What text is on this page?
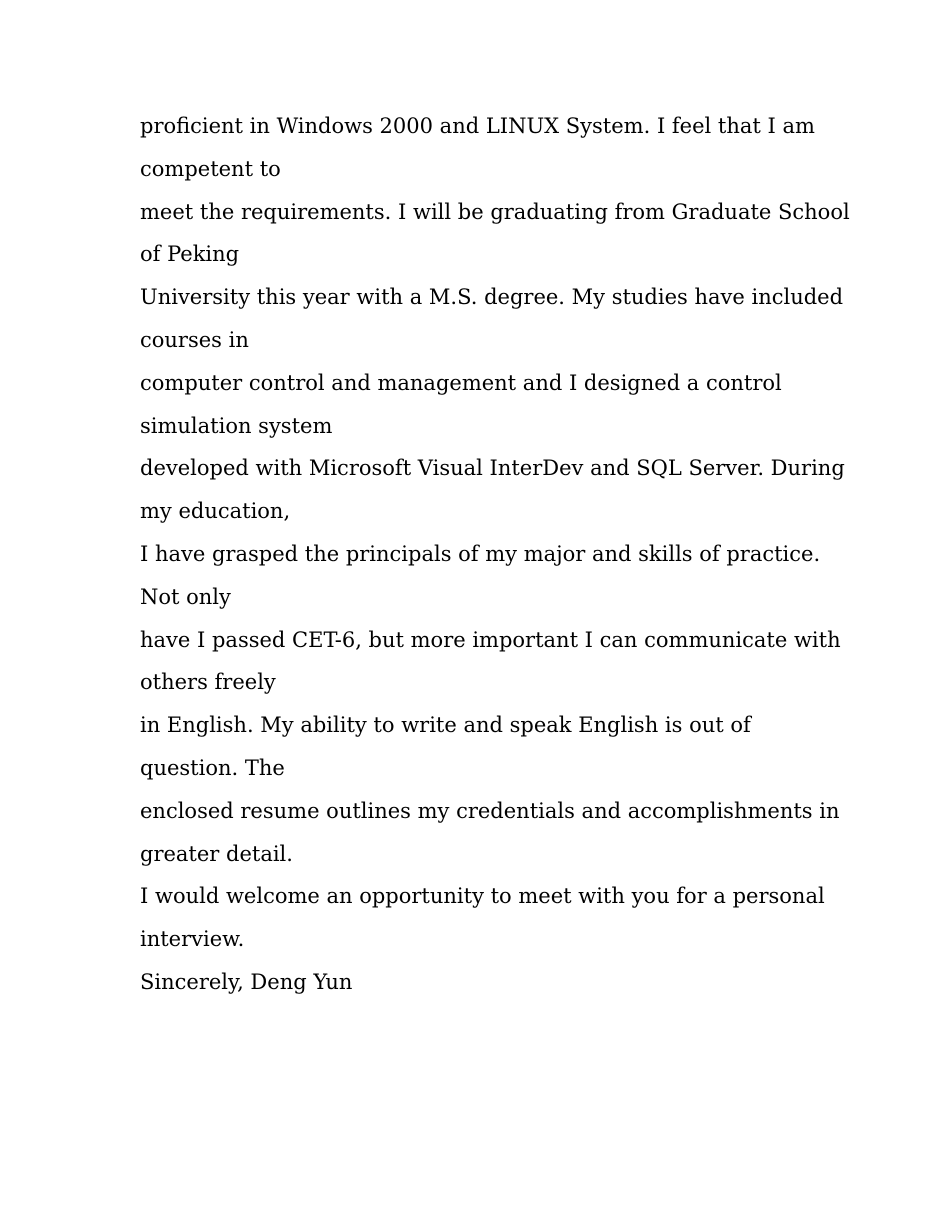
proficient in Windows 2000 and LINUX System. I feel that I am
competent to
meet the requirements. I will be graduating from Graduate School
of Peking
University this year with a M.S. degree. My studies have included
courses in
computer control and management and I designed a control
simulation system
developed with Microsoft Visual InterDev and SQL Server. During
my education,
I have grasped the principals of my major and skills of practice.
Not only
have I passed CET-6, but more important I can communicate with
others freely
in English. My ability to write and speak English is out of
question. The
enclosed resume outlines my credentials and accomplishments in
greater detail.
I would welcome an opportunity to meet with you for a personal
interview.
Sincerely, Deng Yun
